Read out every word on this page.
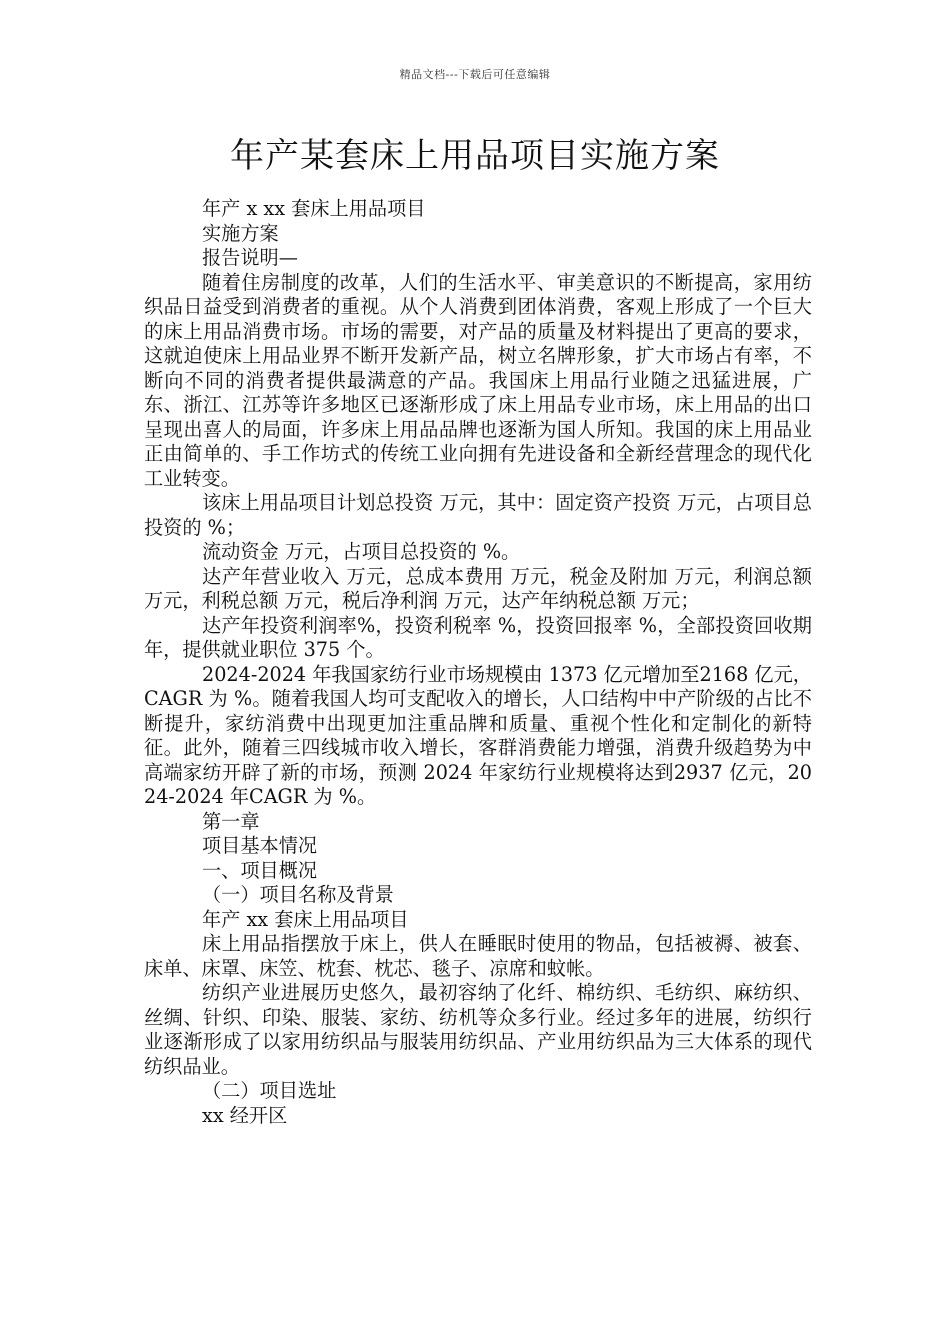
精品文档---下载后可任意编辑
年产某套床上用品项目实施方案

年产 x xx 套床上用品项目

实施方案

报告说明—

随着住房制度的改革，人们的生活水平、审美意识的不断提高，家用纺织品日益受到消费者的重视。从个人消费到团体消费，客观上形成了一个巨大的床上用品消费市场。市场的需要，对产品的质量及材料提出了更高的要求，这就迫使床上用品业界不断开发新产品，树立名牌形象，扩大市场占有率，不断向不同的消费者提供最满意的产品。我国床上用品行业随之迅猛进展，广东、浙江、江苏等许多地区已逐渐形成了床上用品专业市场，床上用品的出口呈现出喜人的局面，许多床上用品品牌也逐渐为国人所知。我国的床上用品业正由简单的、手工作坊式的传统工业向拥有先进设备和全新经营理念的现代化工业转变。

该床上用品项目计划总投资 万元，其中：固定资产投资 万元，占项目总投资的 %；

流动资金 万元，占项目总投资的 %。

达产年营业收入 万元，总成本费用 万元，税金及附加 万元，利润总额 万元，利税总额 万元，税后净利润 万元，达产年纳税总额 万元；

达产年投资利润率%，投资利税率 %，投资回报率 %，全部投资回收期 年，提供就业职位 375 个。

2024-2024 年我国家纺行业市场规模由 1373 亿元增加至2168 亿元，CAGR 为 %。随着我国人均可支配收入的增长，人口结构中中产阶级的占比不断提升，家纺消费中出现更加注重品牌和质量、重视个性化和定制化的新特征。此外，随着三四线城市收入增长，客群消费能力增强，消费升级趋势为中高端家纺开辟了新的市场，预测 2024 年家纺行业规模将达到2937 亿元，2024-2024 年CAGR 为 %。

第一章

项目基本情况

一、项目概况

（一）项目名称及背景

年产 xx 套床上用品项目

床上用品指摆放于床上，供人在睡眠时使用的物品，包括被褥、被套、床单、床罩、床笠、枕套、枕芯、毯子、凉席和蚊帐。

纺织产业进展历史悠久，最初容纳了化纤、棉纺织、毛纺织、麻纺织、丝绸、针织、印染、服装、家纺、纺机等众多行业。经过多年的进展，纺织行业逐渐形成了以家用纺织品与服装用纺织品、产业用纺织品为三大体系的现代纺织品业。

（二）项目选址

xx 经开区
